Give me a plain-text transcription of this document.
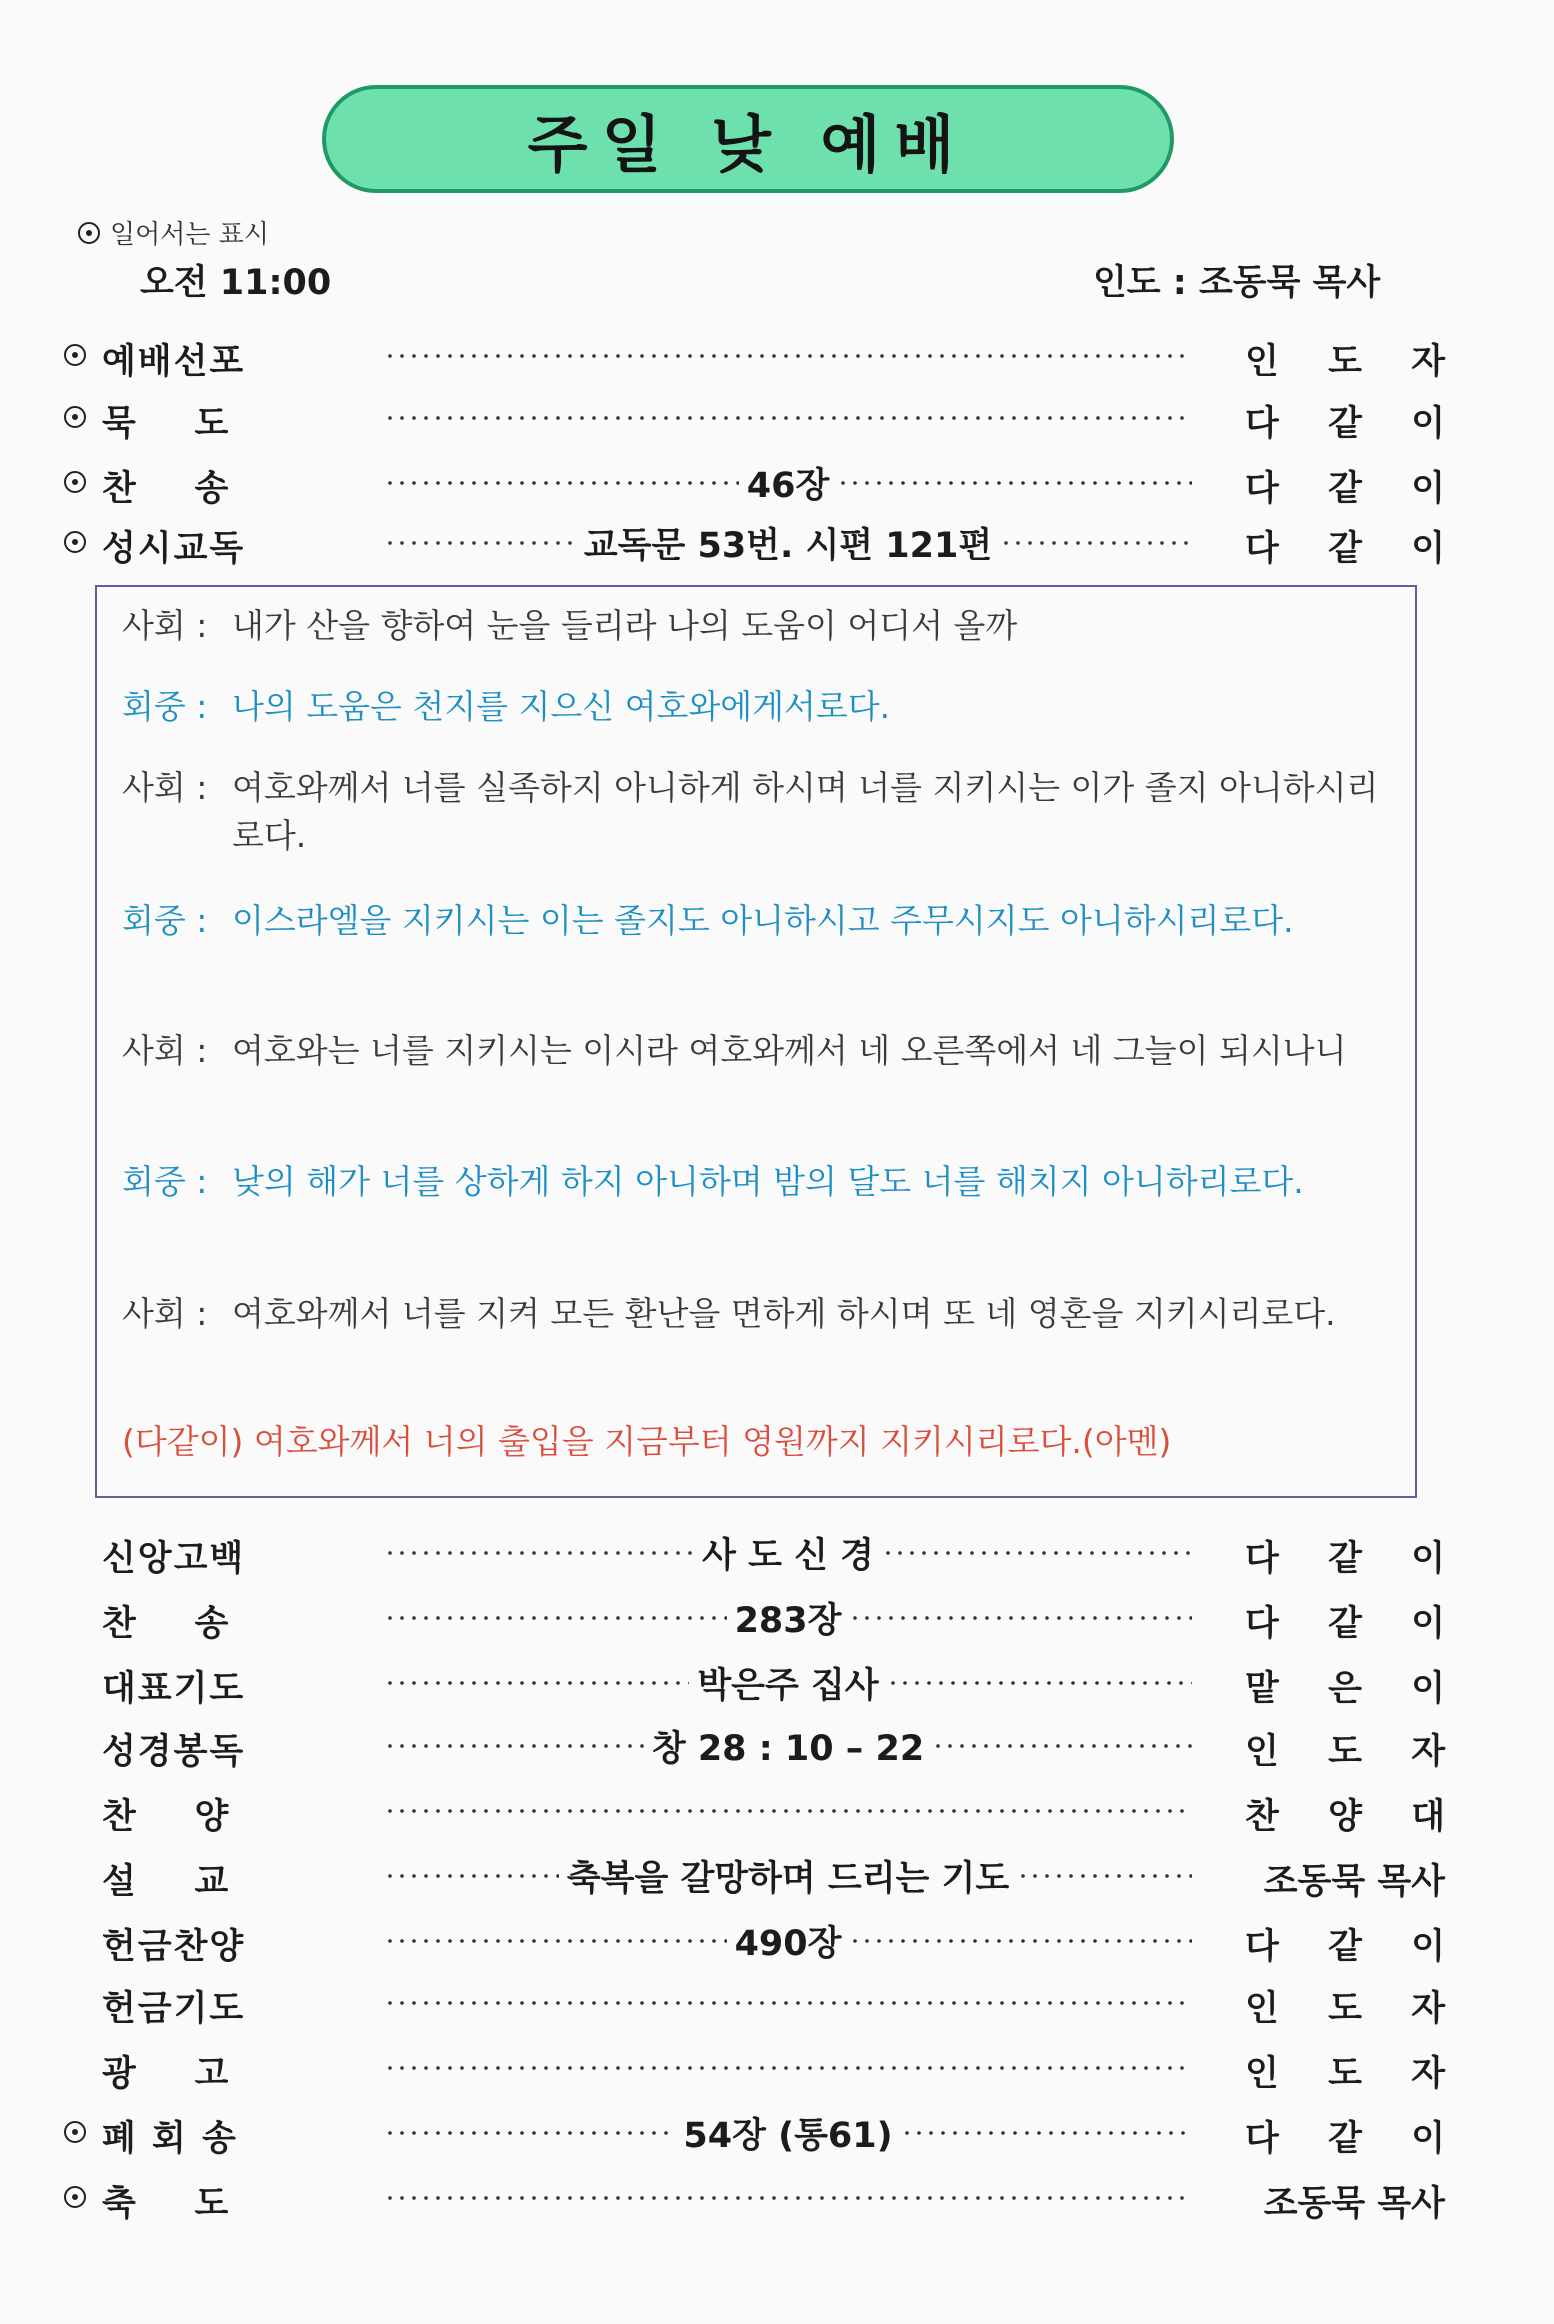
주일 낮 예배
일어서는 표시
오전 11:00	인도 : 조동묵 목사
예배선포	인 도 자
묵    도	다 같 이
찬    송	46장	다 같 이
성시교독	교독문 53번. 시편 121편	다 같 이
사회 : 내가 산을 향하여 눈을 들리라 나의 도움이 어디서 올까
회중 : 나의 도움은 천지를 지으신 여호와에게서로다.
사회 : 여호와께서 너를 실족하지 아니하게 하시며 너를 지키시는 이가 졸지 아니하시리로다.
회중 : 이스라엘을 지키시는 이는 졸지도 아니하시고 주무시지도 아니하시리로다.
사회 : 여호와는 너를 지키시는 이시라 여호와께서 네 오른쪽에서 네 그늘이 되시나니
회중 : 낮의 해가 너를 상하게 하지 아니하며 밤의 달도 너를 해치지 아니하리로다.
사회 : 여호와께서 너를 지켜 모든 환난을 면하게 하시며 또 네 영혼을 지키시리로다.
(다같이) 여호와께서 너의 출입을 지금부터 영원까지 지키시리로다.(아멘)
신앙고백	사 도 신 경	다 같 이
찬    송	283장	다 같 이
대표기도	박은주 집사	맡 은 이
성경봉독	창 28 : 10 – 22	인 도 자
찬    양	찬 양 대
설    교	축복을 갈망하며 드리는 기도	조동묵 목사
헌금찬양	490장	다 같 이
헌금기도	인 도 자
광    고	인 도 자
폐 회 송	54장 (통61)	다 같 이
축    도	조동묵 목사
